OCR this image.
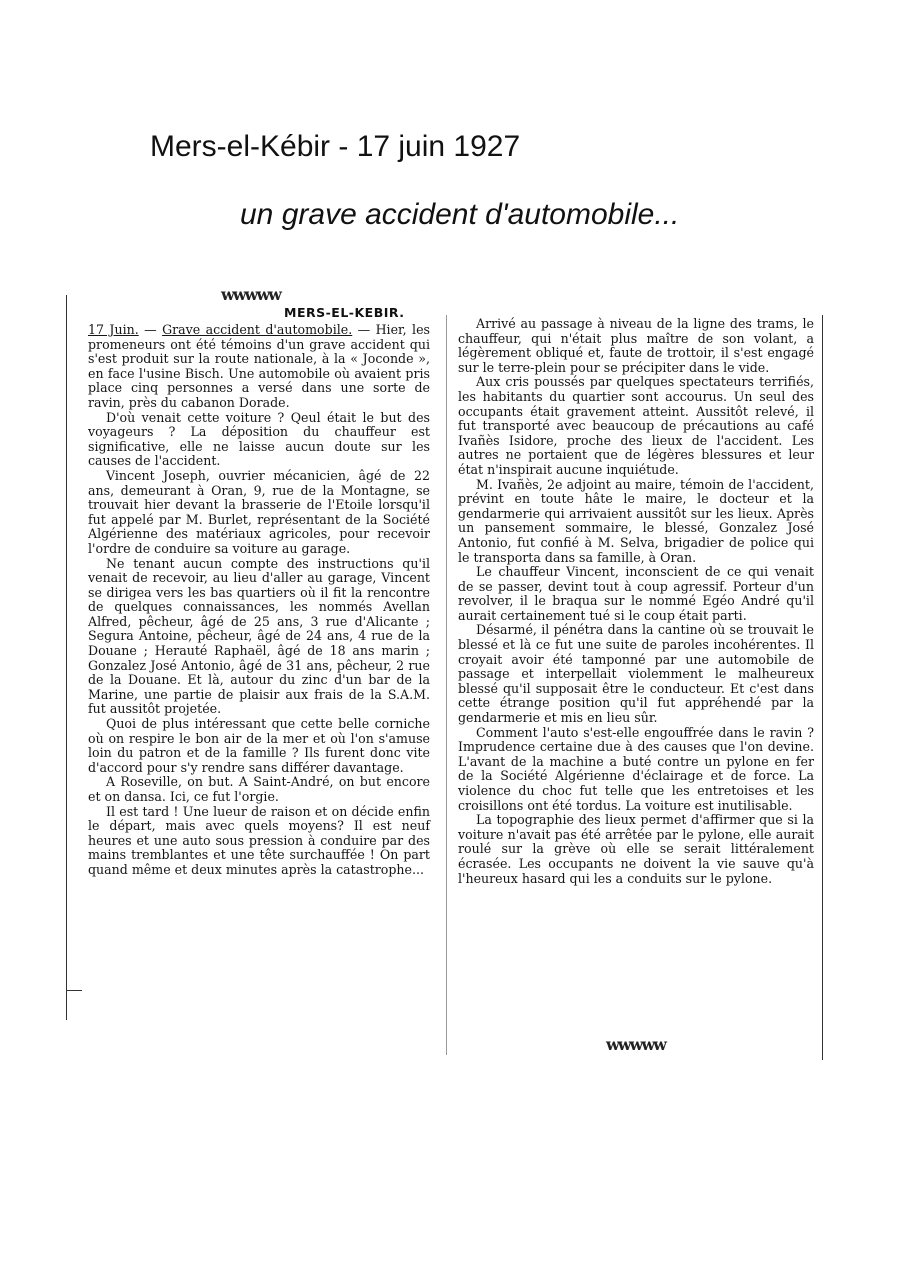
Mers-el-Kébir - 17 juin 1927
un grave accident d'automobile...
ᴡᴡᴡᴡᴡ
MERS-EL-KEBIR.

17 Juin. — Grave accident d'automobile. — Hier, les promeneurs ont été témoins d'un grave accident qui s'est produit sur la route nationale, à la « Joconde », en face l'usine Bisch. Une automobile où avaient pris place cinq personnes a versé dans une sorte de ravin, près du cabanon Dorade.

D'où venait cette voiture ? Qeul était le but des voyageurs ? La déposition du chauffeur est significative, elle ne laisse aucun doute sur les causes de l'accident.

Vincent Joseph, ouvrier mécanicien, âgé de 22 ans, demeurant à Oran, 9, rue de la Montagne, se trouvait hier devant la brasserie de l'Etoile lorsqu'il fut appelé par M. Burlet, représentant de la Société Algérienne des matériaux agricoles, pour recevoir l'ordre de conduire sa voiture au garage.

Ne tenant aucun compte des instructions qu'il venait de recevoir, au lieu d'aller au garage, Vincent se dirigea vers les bas quartiers où il fit la rencontre de quelques connaissances, les nommés Avellan Alfred, pêcheur, âgé de 25 ans, 3 rue d'Alicante ; Segura Antoine, pêcheur, âgé de 24 ans, 4 rue de la Douane ; Herauté Raphaël, âgé de 18 ans marin ; Gonzalez José Antonio, âgé de 31 ans, pêcheur, 2 rue de la Douane. Et là, autour du zinc d'un bar de la Marine, une partie de plaisir aux frais de la S.A.M. fut aussitôt projetée.

Quoi de plus intéressant que cette belle corniche où on respire le bon air de la mer et où l'on s'amuse loin du patron et de la famille ? Ils furent donc vite d'accord pour s'y rendre sans différer davantage.

A Roseville, on but. A Saint-André, on but encore et on dansa. Ici, ce fut l'orgie.

Il est tard ! Une lueur de raison et on décide enfin le départ, mais avec quels moyens? Il est neuf heures et une auto sous pression à conduire par des mains tremblantes et une tête surchauffée ! On part quand même et deux minutes après la catastrophe...

Arrivé au passage à niveau de la ligne des trams, le chauffeur, qui n'était plus maître de son volant, a légèrement obliqué et, faute de trottoir, il s'est engagé sur le terre-plein pour se précipiter dans le vide.

Aux cris poussés par quelques spectateurs terrifiés, les habitants du quartier sont accourus. Un seul des occupants était gravement atteint. Aussitôt relevé, il fut transporté avec beaucoup de précautions au café Ivañès Isidore, proche des lieux de l'accident. Les autres ne portaient que de légères blessures et leur état n'inspirait aucune inquiétude.

M. Ivañès, 2e adjoint au maire, témoin de l'accident, prévint en toute hâte le maire, le docteur et la gendarmerie qui arrivaient aussitôt sur les lieux. Après un pansement sommaire, le blessé, Gonzalez José Antonio, fut confié à M. Selva, brigadier de police qui le transporta dans sa famille, à Oran.

Le chauffeur Vincent, inconscient de ce qui venait de se passer, devint tout à coup agressif. Porteur d'un revolver, il le braqua sur le nommé Egéo André qu'il aurait certainement tué si le coup était parti.

Désarmé, il pénétra dans la cantine où se trouvait le blessé et là ce fut une suite de paroles incohérentes. Il croyait avoir été tamponné par une automobile de passage et interpellait violemment le malheureux blessé qu'il supposait être le conducteur. Et c'est dans cette étrange position qu'il fut appréhendé par la gendarmerie et mis en lieu sûr.

Comment l'auto s'est-elle engouffrée dans le ravin ? Imprudence certaine due à des causes que l'on devine. L'avant de la machine a buté contre un pylone en fer de la Société Algérienne d'éclairage et de force. La violence du choc fut telle que les entretoises et les croisillons ont été tordus. La voiture est inutilisable.

La topographie des lieux permet d'affirmer que si la voiture n'avait pas été arrêtée par le pylone, elle aurait roulé sur la grève où elle se serait littéralement écrasée. Les occupants ne doivent la vie sauve qu'à l'heureux hasard qui les a conduits sur le pylone.

ᴡᴡᴡᴡᴡ
